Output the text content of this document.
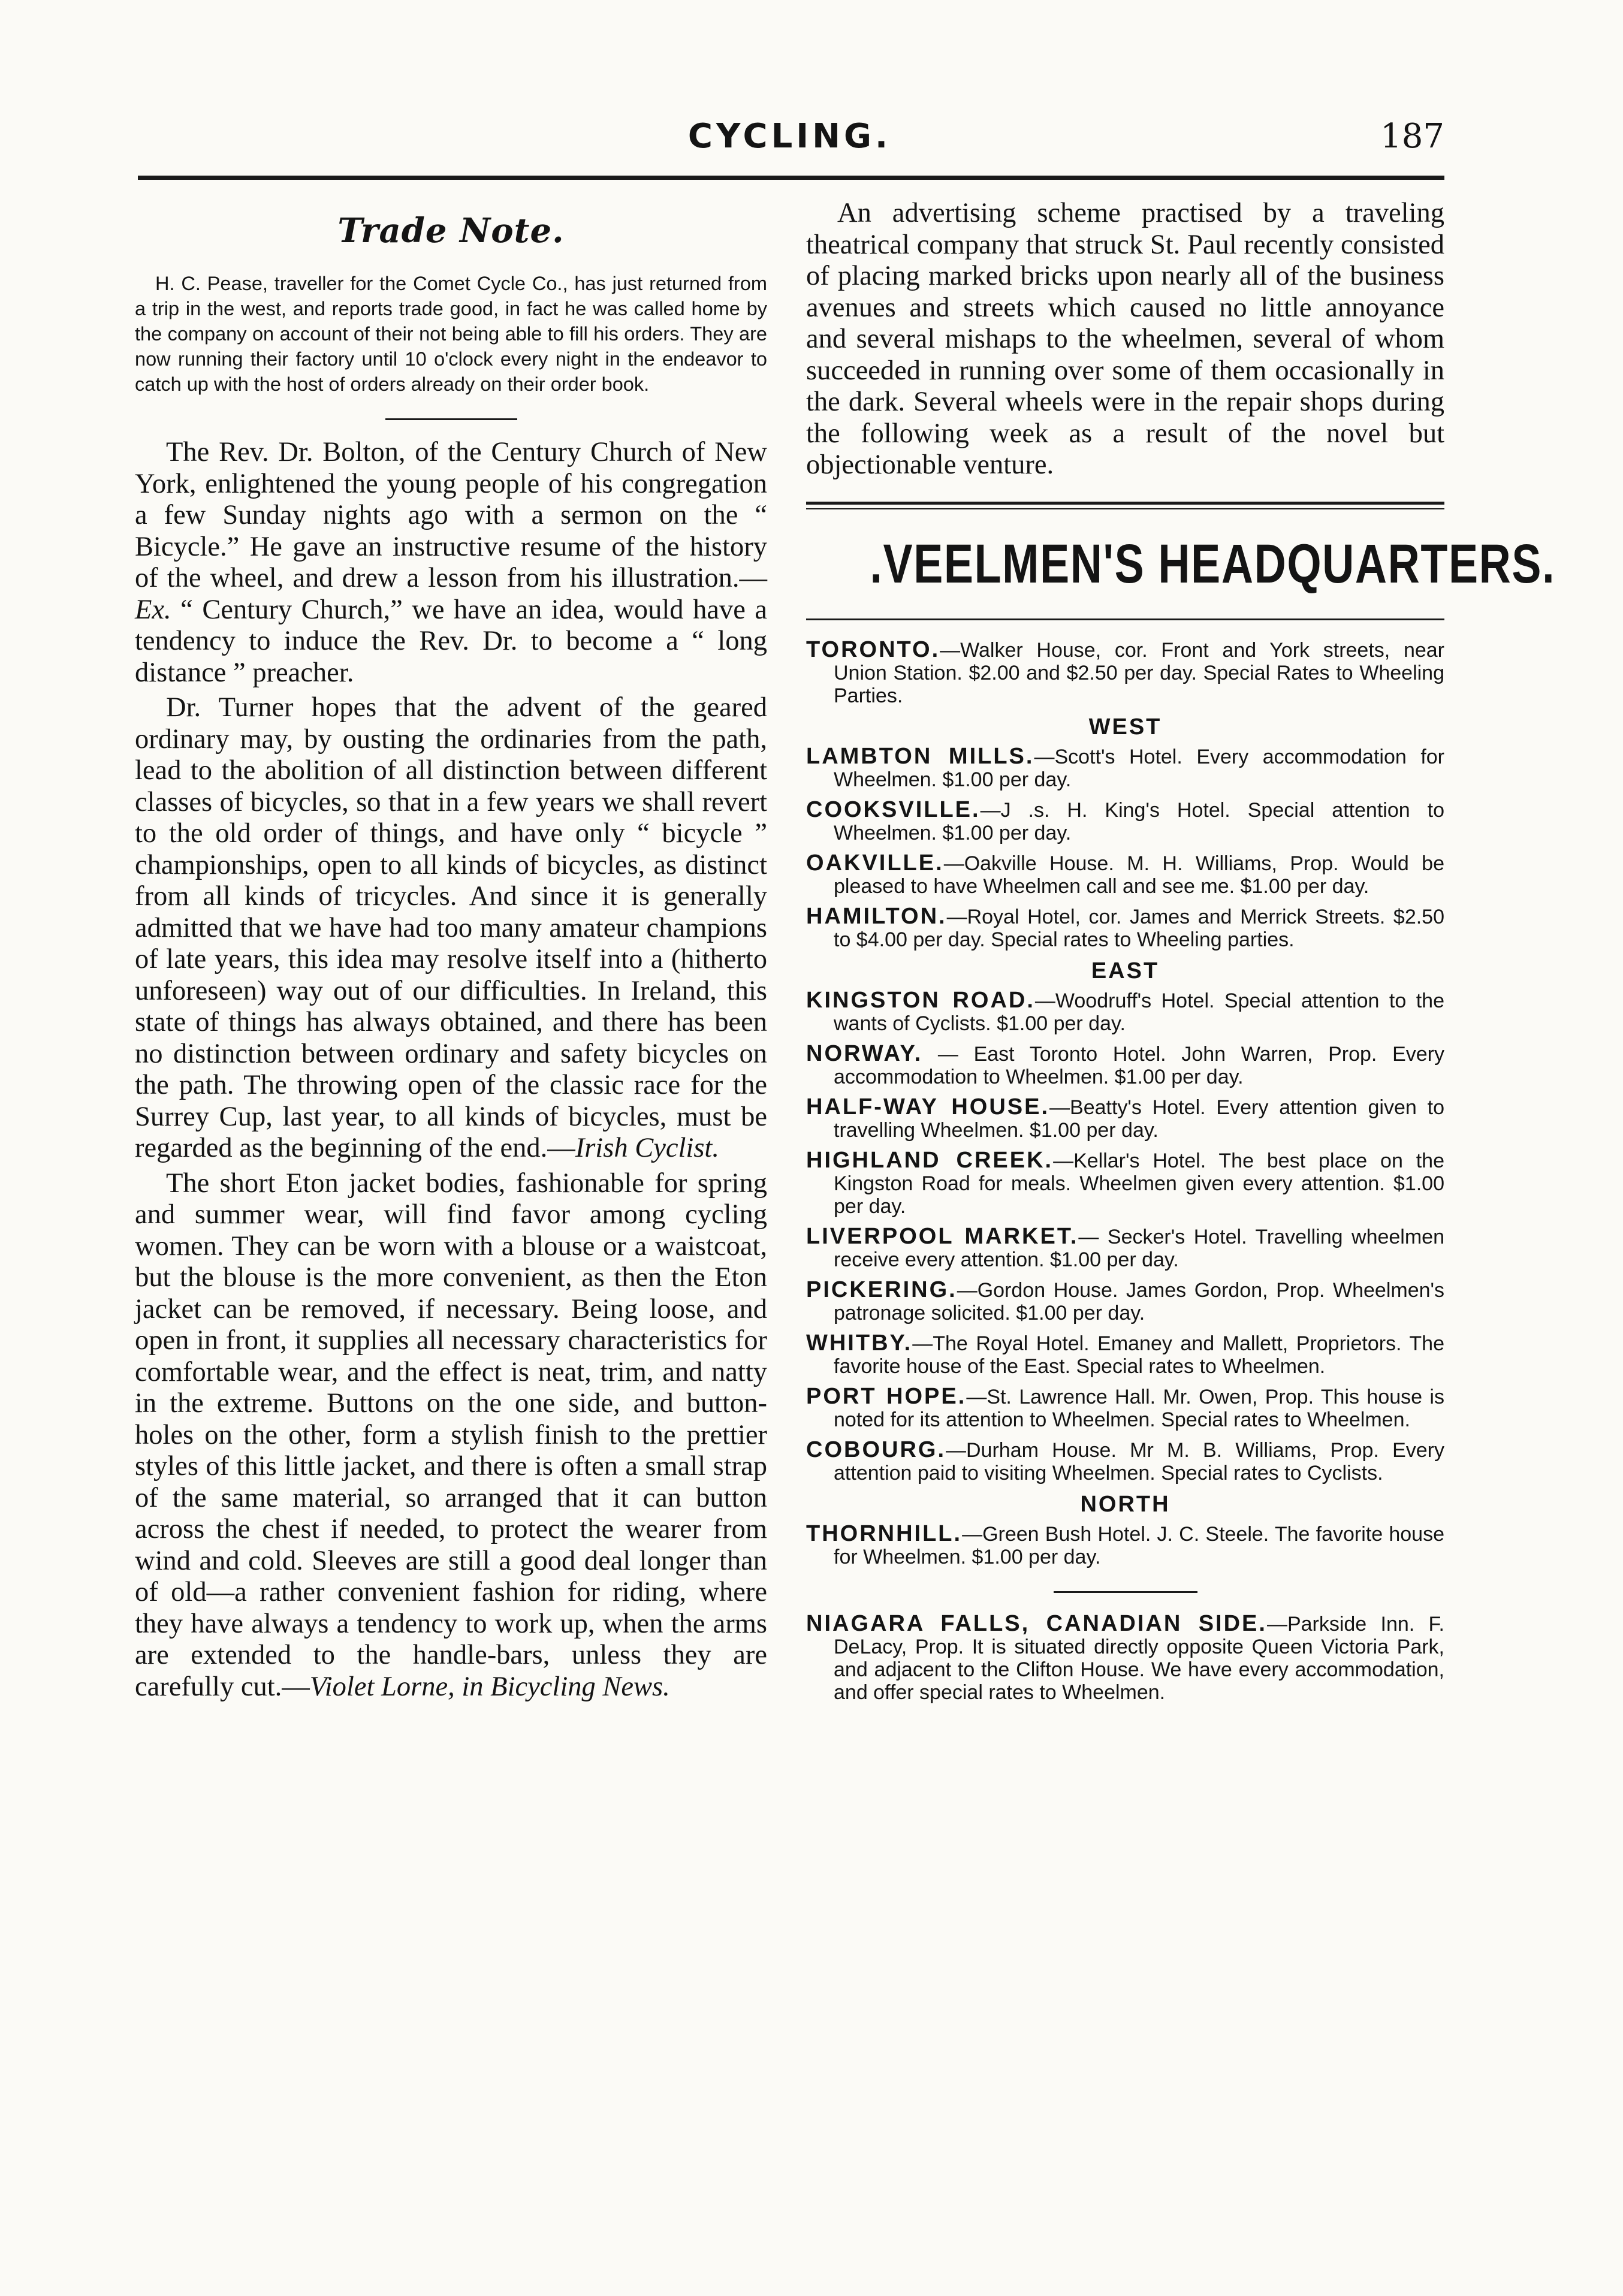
CYCLING.	187
Trade Note.

H. C. Pease, traveller for the Comet Cycle Co., has just returned from a trip in the west, and reports trade good, in fact he was called home by the company on account of their not being able to fill his orders. They are now running their factory until 10 o'clock every night in the endeavor to catch up with the host of orders already on their order book.

The Rev. Dr. Bolton, of the Century Church of New York, enlightened the young people of his congregation a few Sunday nights ago with a sermon on the “ Bicycle.” He gave an instructive resume of the history of the wheel, and drew a lesson from his illustration.—Ex. “ Century Church,” we have an idea, would have a tendency to induce the Rev. Dr. to become a “ long distance ” preacher.

Dr. Turner hopes that the advent of the geared ordinary may, by ousting the ordinaries from the path, lead to the abolition of all distinction between different classes of bicycles, so that in a few years we shall revert to the old order of things, and have only “ bicycle ” championships, open to all kinds of bicycles, as distinct from all kinds of tricycles. And since it is generally admitted that we have had too many amateur champions of late years, this idea may resolve itself into a (hitherto unforeseen) way out of our difficulties. In Ireland, this state of things has always obtained, and there has been no distinction between ordinary and safety bicycles on the path. The throwing open of the classic race for the Surrey Cup, last year, to all kinds of bicycles, must be regarded as the beginning of the end.—Irish Cyclist.

The short Eton jacket bodies, fashionable for spring and summer wear, will find favor among cycling women. They can be worn with a blouse or a waistcoat, but the blouse is the more convenient, as then the Eton jacket can be removed, if necessary. Being loose, and open in front, it supplies all necessary characteristics for comfortable wear, and the effect is neat, trim, and natty in the extreme. Buttons on the one side, and button-holes on the other, form a stylish finish to the prettier styles of this little jacket, and there is often a small strap of the same material, so arranged that it can button across the chest if needed, to protect the wearer from wind and cold. Sleeves are still a good deal longer than of old—a rather convenient fashion for riding, where they have always a tendency to work up, when the arms are extended to the handle-bars, unless they are carefully cut.—Violet Lorne, in Bicycling News.

An advertising scheme practised by a traveling theatrical company that struck St. Paul recently consisted of placing marked bricks upon nearly all of the business avenues and streets which caused no little annoyance and several mishaps to the wheelmen, several of whom succeeded in running over some of them occasionally in the dark. Several wheels were in the repair shops during the following week as a result of the novel but objectionable venture.

.VEELMEN'S HEADQUARTERS.

TORONTO.—Walker House, cor. Front and York streets, near Union Station. $2.00 and $2.50 per day. Special Rates to Wheeling Parties.

WEST

LAMBTON MILLS.—Scott's Hotel. Every accommodation for Wheelmen. $1.00 per day.

COOKSVILLE.—J .s. H. King's Hotel. Special attention to Wheelmen. $1.00 per day.

OAKVILLE.—Oakville House. M. H. Williams, Prop. Would be pleased to have Wheelmen call and see me. $1.00 per day.

HAMILTON.—Royal Hotel, cor. James and Merrick Streets. $2.50 to $4.00 per day. Special rates to Wheeling parties.

EAST

KINGSTON ROAD.—Woodruff's Hotel. Special attention to the wants of Cyclists. $1.00 per day.

NORWAY. — East Toronto Hotel. John Warren, Prop. Every accommodation to Wheelmen. $1.00 per day.

HALF-WAY HOUSE.—Beatty's Hotel. Every attention given to travelling Wheelmen. $1.00 per day.

HIGHLAND CREEK.—Kellar's Hotel. The best place on the Kingston Road for meals. Wheelmen given every attention. $1.00 per day.

LIVERPOOL MARKET.— Secker's Hotel. Travelling wheelmen receive every attention. $1.00 per day.

PICKERING.—Gordon House. James Gordon, Prop. Wheelmen's patronage solicited. $1.00 per day.

WHITBY.—The Royal Hotel. Emaney and Mallett, Proprietors. The favorite house of the East. Special rates to Wheelmen.

PORT HOPE.—St. Lawrence Hall. Mr. Owen, Prop. This house is noted for its attention to Wheelmen. Special rates to Wheelmen.

COBOURG.—Durham House. Mr M. B. Williams, Prop. Every attention paid to visiting Wheelmen. Special rates to Cyclists.

NORTH

THORNHILL.—Green Bush Hotel. J. C. Steele. The favorite house for Wheelmen. $1.00 per day.

NIAGARA FALLS, CANADIAN SIDE.—Parkside Inn. F. DeLacy, Prop. It is situated directly opposite Queen Victoria Park, and adjacent to the Clifton House. We have every accommodation, and offer special rates to Wheelmen.
